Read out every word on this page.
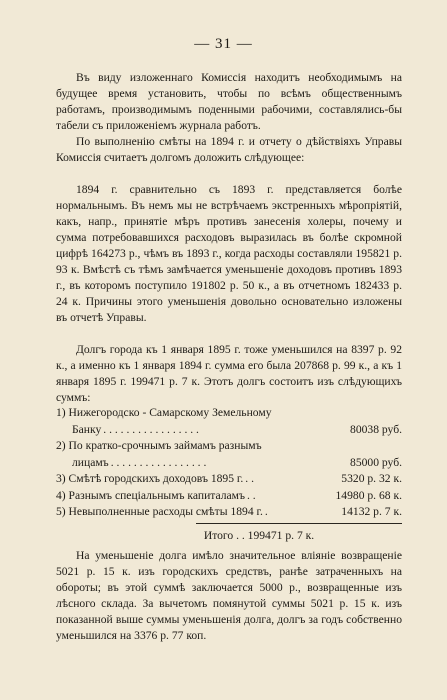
— 31 —

Въ виду изложеннаго Комиссія находитъ необходимымъ на будущее время установить, чтобы по всѣмъ общественнымъ работамъ, производимымъ поденными рабочими, составлялись-бы табели съ приложеніемъ журнала работъ.

По выполненію смѣты на 1894 г. и отчету о дѣйствіяхъ Управы Комиссія считаетъ долгомъ доложить слѣдующее:

1894 г. сравнительно съ 1893 г. представляется болѣе нормальнымъ. Въ немъ мы не встрѣчаемъ экстренныхъ мѣропріятій, какъ, напр., принятіе мѣръ противъ занесенія холеры, почему и сумма потребовавшихся расходовъ выразилась въ болѣе скромной цифрѣ 164273 р., чѣмъ въ 1893 г., когда расходы составляли 195821 р. 93 к. Вмѣстѣ съ тѣмъ замѣчается уменьшеніе доходовъ противъ 1893 г., въ которомъ поступило 191802 р. 50 к., а въ отчетномъ 182433 р. 24 к. Причины этого уменьшенія довольно основательно изложены въ отчетѣ Управы.

Долгъ города къ 1 января 1895 г. тоже уменьшился на 8397 р. 92 к., а именно къ 1 января 1894 г. сумма его была 207868 р. 99 к., а къ 1 января 1895 г. 199471 р. 7 к. Этотъ долгъ состоитъ изъ слѣдующихъ суммъ:

1) Нижегородско - Самарскому Земельному
Банку . . . . . . . . . . . . . . . . .	80038 руб.
2) По кратко-срочнымъ займамъ разнымъ
лицамъ . . . . . . . . . . . . . . . . .	85000 руб.
3) Смѣтѣ городскихъ доходовъ 1895 г. . .	5320 р. 32 к.
4) Разнымъ спеціальнымъ капиталамъ . .	14980 р. 68 к.
5) Невыполненные расходы смѣты 1894 г. .	14132 р. 7 к.
Итого . . 199471 р. 7 к.

На уменьшеніе долга имѣло значительное вліяніе возвращеніе 5021 р. 15 к. изъ городскихъ средствъ, ранѣе затраченныхъ на обороты; въ этой суммѣ заключается 5000 р., возвращенные изъ лѣсного склада. За вычетомъ помянутой суммы 5021 р. 15 к. изъ показанной выше суммы уменьшенія долга, долгъ за годъ собственно уменьшился на 3376 р. 77 коп.
